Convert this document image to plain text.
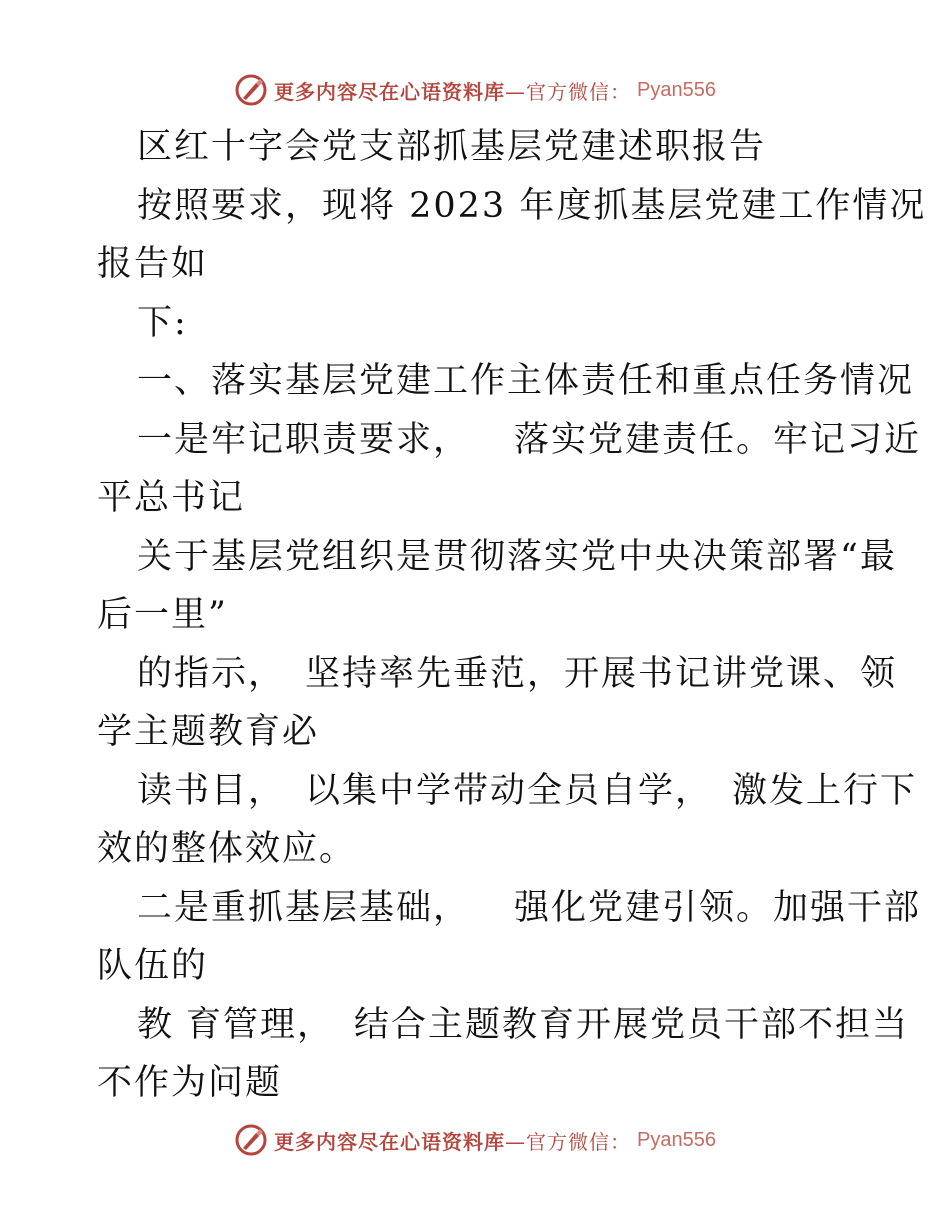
更多内容尽在心语资料库—官方微信： Pyan556
区红十字会党支部抓基层党建述职报告
按照要求，现将 2023 年度抓基层党建工作情况
报告如
下:
一、落实基层党建工作主体责任和重点任务情况
一是牢记职责要求， 落实党建责任。牢记习近
平总书记
关于基层党组织是贯彻落实党中央决策部署“最
后一里”
的指示， 坚持率先垂范，开展书记讲党课、领
学主题教育必
读书目， 以集中学带动全员自学， 激发上行下
效的整体效应。
二是重抓基层基础， 强化党建引领。加强干部
队伍的
教 育管理， 结合主题教育开展党员干部不担当
不作为问题
更多内容尽在心语资料库—官方微信： Pyan556
